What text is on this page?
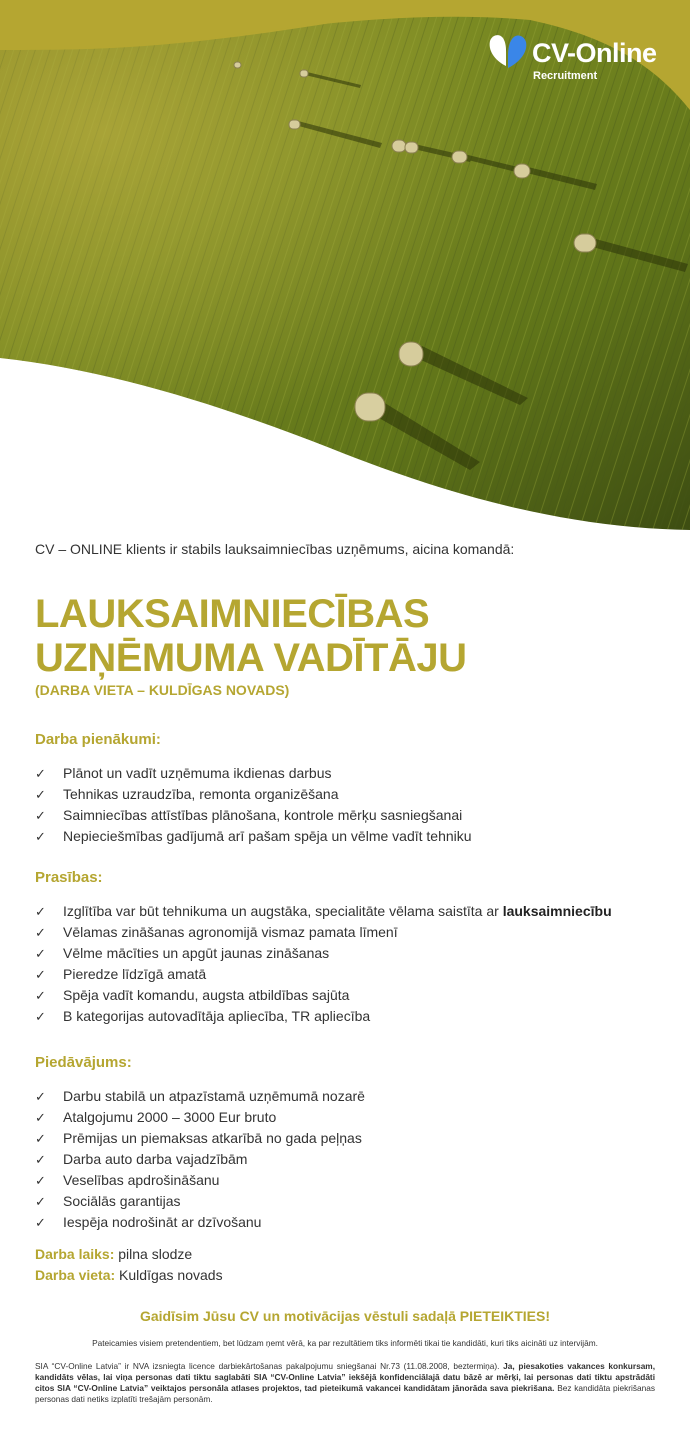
CV-Online
Recruitment

CV – ONLINE klients ir stabils lauksaimniecības uzņēmums, aicina komandā:

LAUKSAIMNIECĪBAS
UZŅĒMUMA VADĪTĀJU
(DARBA VIETA – KULDĪGAS NOVADS)
Darba pienākumi:
✓ Plānot un vadīt uzņēmuma ikdienas darbus
✓ Tehnikas uzraudzība, remonta organizēšana
✓ Saimniecības attīstības plānošana, kontrole mērķu sasniegšanai
✓ Nepieciešmības gadījumā arī pašam spēja un vēlme vadīt tehniku
Prasības:
✓ Izglītība var būt tehnikuma un augstāka, specialitāte vēlama saistīta ar lauksaimniecību
✓ Vēlamas zināšanas agronomijā vismaz pamata līmenī
✓ Vēlme mācīties un apgūt jaunas zināšanas
✓ Pieredze līdzīgā amatā
✓ Spēja vadīt komandu, augsta atbildības sajūta
✓ B kategorijas autovadītāja apliecība, TR apliecība
Piedāvājums:
✓ Darbu stabilā un atpazīstamā uzņēmumā nozarē
✓ Atalgojumu 2000 – 3000 Eur bruto
✓ Prēmijas un piemaksas atkarībā no gada peļņas
✓ Darba auto darba vajadzībām
✓ Veselības apdrošināšanu
✓ Sociālās garantijas
✓ Iespēja nodrošināt ar dzīvošanu
Darba laiks: pilna slodze
Darba vieta: Kuldīgas novads
Gaidīsim Jūsu CV un motivācijas vēstuli sadaļā PIETEIKTIES!
Pateicamies visiem pretendentiem, bet lūdzam ņemt vērā, ka par rezultātiem tiks informēti tikai tie kandidāti, kuri tiks aicināti uz intervijām.
SIA “CV-Online Latvia” ir NVA izsniegta licence darbiekārtošanas pakalpojumu sniegšanai Nr.73 (11.08.2008, beztermiņa). Ja, piesakoties vakances konkursam, kandidāts vēlas, lai viņa personas dati tiktu saglabāti SIA “CV-Online Latvia” iekšējā konfidenciālajā datu bāzē ar mērķi, lai personas dati tiktu apstrādāti citos SIA “CV-Online Latvia” veiktajos personāla atlases projektos, tad pieteikumā vakancei kandidātam jānorāda sava piekrišana. Bez kandidāta piekrišanas personas dati netiks izplatīti trešajām personām.
